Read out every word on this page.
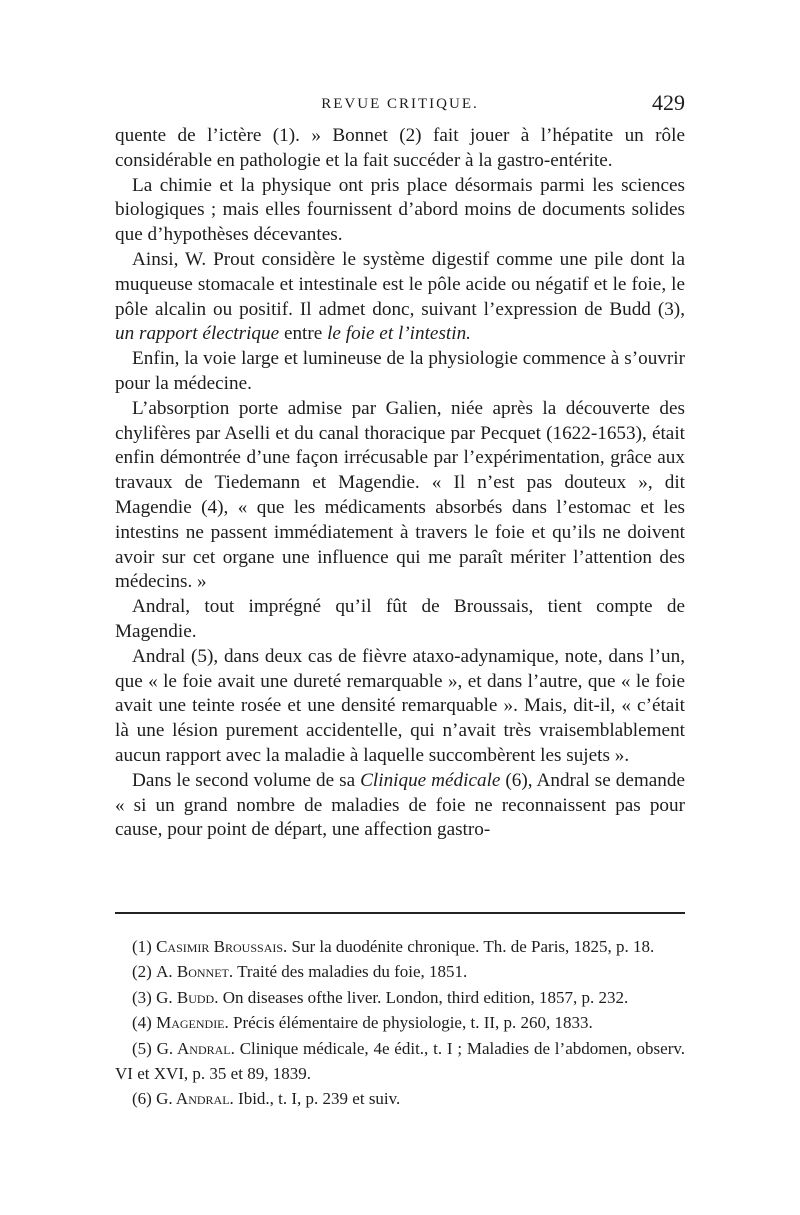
REVUE CRITIQUE.	429

quente de l’ictère (1). » Bonnet (2) fait jouer à l’hépatite un rôle considérable en pathologie et la fait succéder à la gastro-entérite.

La chimie et la physique ont pris place désormais parmi les sciences biologiques ; mais elles fournissent d’abord moins de documents solides que d’hypothèses décevantes.

Ainsi, W. Prout considère le système digestif comme une pile dont la muqueuse stomacale et intestinale est le pôle acide ou négatif et le foie, le pôle alcalin ou positif. Il admet donc, suivant l’expression de Budd (3), un rapport électrique entre le foie et l’intestin.

Enfin, la voie large et lumineuse de la physiologie commence à s’ouvrir pour la médecine.

L’absorption porte admise par Galien, niée après la découverte des chylifères par Aselli et du canal thoracique par Pecquet (1622-1653), était enfin démontrée d’une façon irrécusable par l’expérimentation, grâce aux travaux de Tiedemann et Magendie. « Il n’est pas douteux », dit Magendie (4), « que les médicaments absorbés dans l’estomac et les intestins ne passent immédiatement à travers le foie et qu’ils ne doivent avoir sur cet organe une influence qui me paraît mériter l’attention des médecins. »

Andral, tout imprégné qu’il fût de Broussais, tient compte de Magendie.

Andral (5), dans deux cas de fièvre ataxo-adynamique, note, dans l’un, que « le foie avait une dureté remarquable », et dans l’autre, que « le foie avait une teinte rosée et une densité remarquable ». Mais, dit-il, « c’était là une lésion purement accidentelle, qui n’avait très vraisemblablement aucun rapport avec la maladie à laquelle succombèrent les sujets ».

Dans le second volume de sa Clinique médicale (6), Andral se demande « si un grand nombre de maladies de foie ne reconnaissent pas pour cause, pour point de départ, une affection gastro-

(1) Casimir Broussais. Sur la duodénite chronique. Th. de Paris, 1825, p. 18.

(2) A. Bonnet. Traité des maladies du foie, 1851.

(3) G. Budd. On diseases ofthe liver. London, third edition, 1857, p. 232.

(4) Magendie. Précis élémentaire de physiologie, t. II, p. 260, 1833.

(5) G. Andral. Clinique médicale, 4e édit., t. I ; Maladies de l’abdomen, observ. VI et XVI, p. 35 et 89, 1839.

(6) G. Andral. Ibid., t. I, p. 239 et suiv.
